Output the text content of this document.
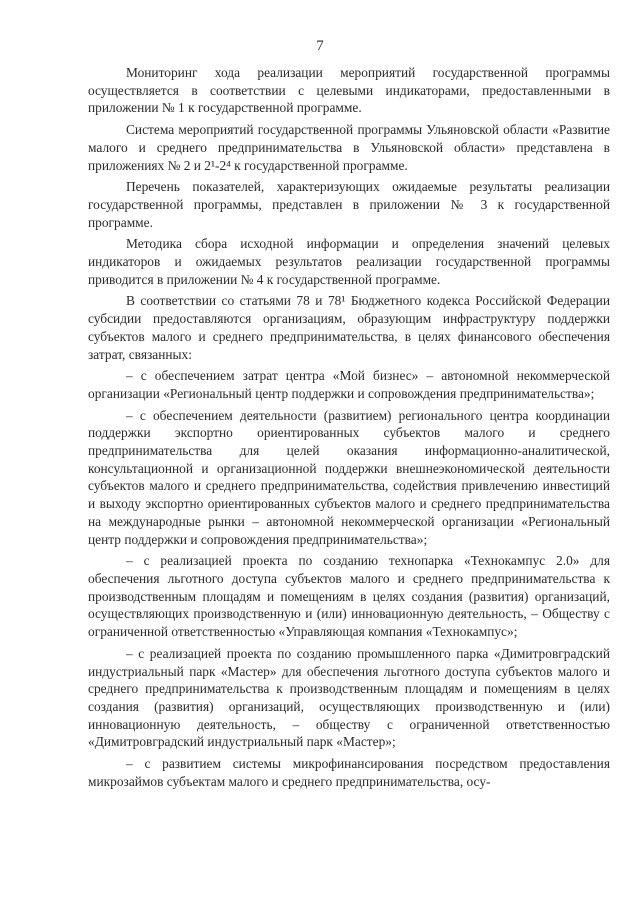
7

Мониторинг хода реализации мероприятий государственной программы осуществляется в соответствии с целевыми индикаторами, предоставленными в приложении № 1 к государственной программе.

Система мероприятий государственной программы Ульяновской области «Развитие малого и среднего предпринимательства в Ульяновской области» представлена в приложениях № 2 и 2¹-2⁴ к государственной программе.

Перечень показателей, характеризующих ожидаемые результаты реализации государственной программы, представлен в приложении № 3 к государственной программе.

Методика сбора исходной информации и определения значений целевых индикаторов и ожидаемых результатов реализации государственной программы приводится в приложении № 4 к государственной программе.

В соответствии со статьями 78 и 78¹ Бюджетного кодекса Российской Федерации субсидии предоставляются организациям, образующим инфраструктуру поддержки субъектов малого и среднего предпринимательства, в целях финансового обеспечения затрат, связанных:

– с обеспечением затрат центра «Мой бизнес» – автономной некоммерческой организации «Региональный центр поддержки и сопровождения предпринимательства»;

– с обеспечением деятельности (развитием) регионального центра координации поддержки экспортно ориентированных субъектов малого и среднего предпринимательства для целей оказания информационно-аналитической, консультационной и организационной поддержки внешнеэкономической деятельности субъектов малого и среднего предпринимательства, содействия привлечению инвестиций и выходу экспортно ориентированных субъектов малого и среднего предпринимательства на международные рынки – автономной некоммерческой организации «Региональный центр поддержки и сопровождения предпринимательства»;

– с реализацией проекта по созданию технопарка «Технокампус 2.0» для обеспечения льготного доступа субъектов малого и среднего предпринимательства к производственным площадям и помещениям в целях создания (развития) организаций, осуществляющих производственную и (или) инновационную деятельность, – Обществу с ограниченной ответственностью «Управляющая компания «Технокампус»;

– с реализацией проекта по созданию промышленного парка «Димитровградский индустриальный парк «Мастер» для обеспечения льготного доступа субъектов малого и среднего предпринимательства к производственным площадям и помещениям в целях создания (развития) организаций, осуществляющих производственную и (или) инновационную деятельность, – обществу с ограниченной ответственностью «Димитровградский индустриальный парк «Мастер»;

– с развитием системы микрофинансирования посредством предоставления микрозаймов субъектам малого и среднего предпринимательства, осу-
